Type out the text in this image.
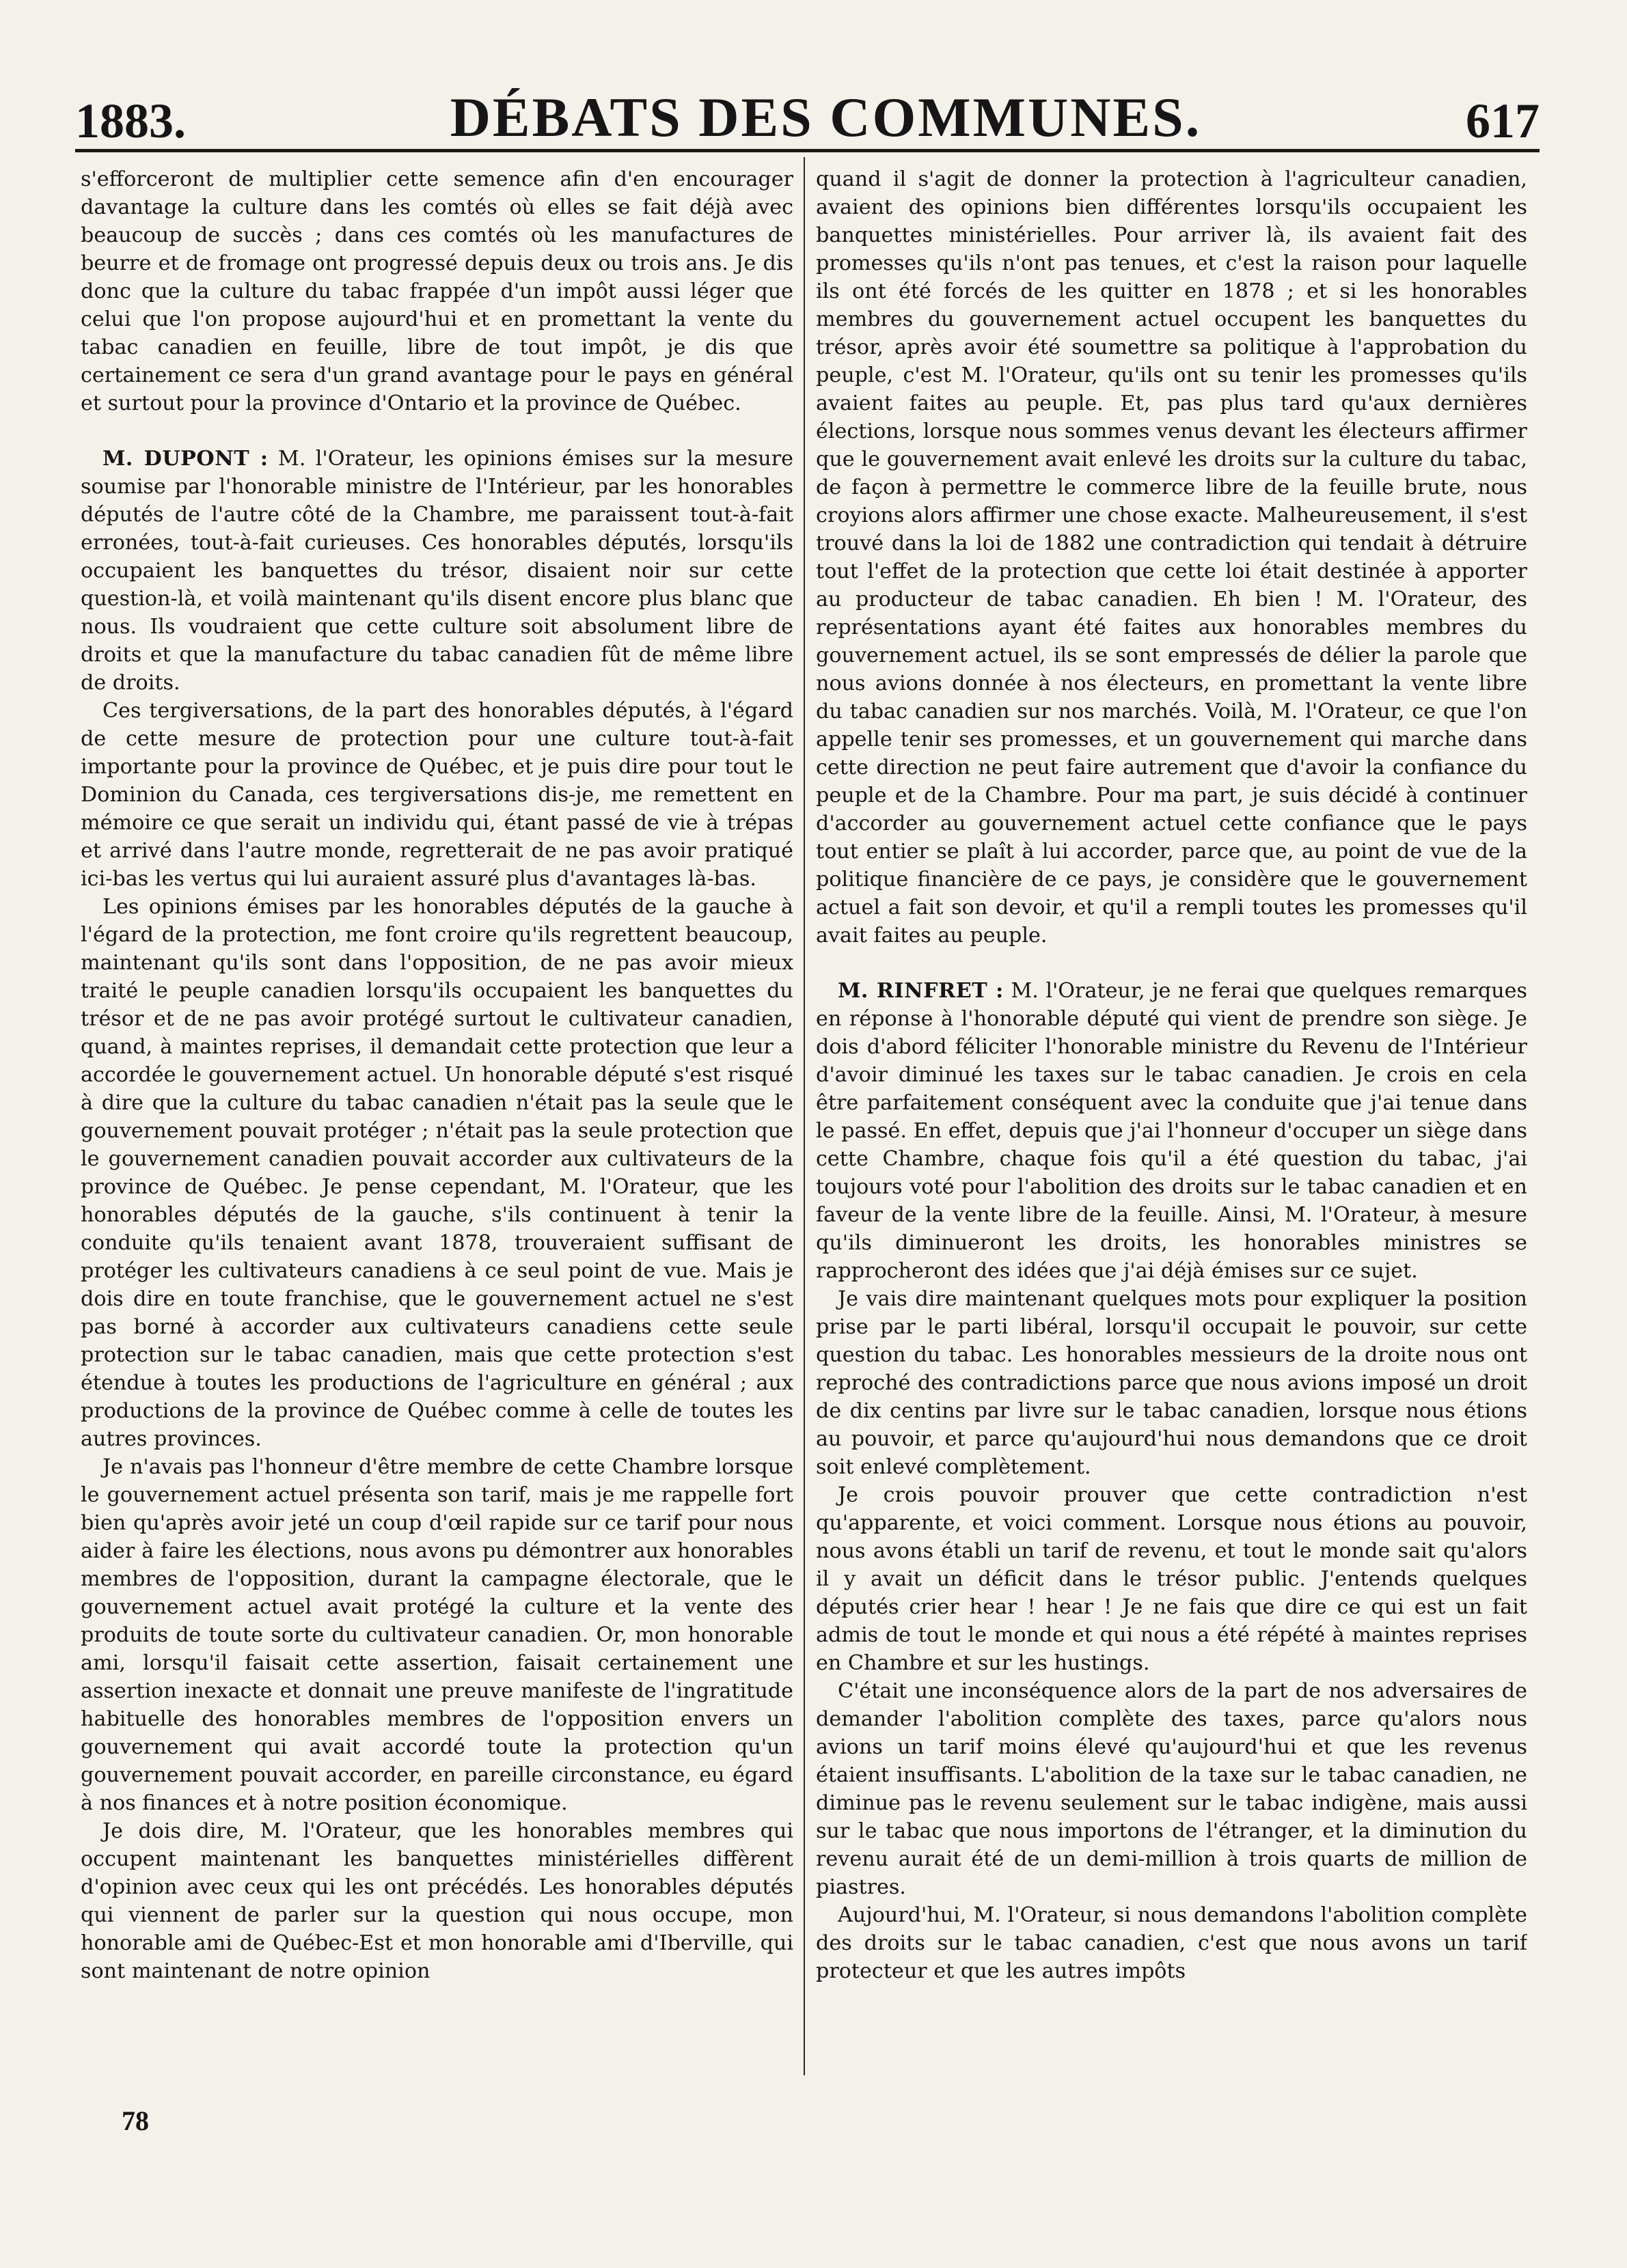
1883.	DÉBATS DES COMMUNES.	617

s'efforceront de multiplier cette semence afin d'en encourager davantage la culture dans les comtés où elles se fait déjà avec beaucoup de succès ; dans ces comtés où les manufactures de beurre et de fromage ont progressé depuis deux ou trois ans. Je dis donc que la culture du tabac frappée d'un impôt aussi léger que celui que l'on propose aujourd'hui et en promettant la vente du tabac canadien en feuille, libre de tout impôt, je dis que certainement ce sera d'un grand avantage pour le pays en général et surtout pour la province d'Ontario et la province de Québec.

M. DUPONT : M. l'Orateur, les opinions émises sur la mesure soumise par l'honorable ministre de l'Intérieur, par les honorables députés de l'autre côté de la Chambre, me paraissent tout-à-fait erronées, tout-à-fait curieuses. Ces honorables députés, lorsqu'ils occupaient les banquettes du trésor, disaient noir sur cette question-là, et voilà maintenant qu'ils disent encore plus blanc que nous. Ils voudraient que cette culture soit absolument libre de droits et que la manufacture du tabac canadien fût de même libre de droits.

Ces tergiversations, de la part des honorables députés, à l'égard de cette mesure de protection pour une culture tout-à-fait importante pour la province de Québec, et je puis dire pour tout le Dominion du Canada, ces tergiversations dis-je, me remettent en mémoire ce que serait un individu qui, étant passé de vie à trépas et arrivé dans l'autre monde, regretterait de ne pas avoir pratiqué ici-bas les vertus qui lui auraient assuré plus d'avantages là-bas.

Les opinions émises par les honorables députés de la gauche à l'égard de la protection, me font croire qu'ils regrettent beaucoup, maintenant qu'ils sont dans l'opposition, de ne pas avoir mieux traité le peuple canadien lorsqu'ils occupaient les banquettes du trésor et de ne pas avoir protégé surtout le cultivateur canadien, quand, à maintes reprises, il demandait cette protection que leur a accordée le gouvernement actuel. Un honorable député s'est risqué à dire que la culture du tabac canadien n'était pas la seule que le gouvernement pouvait protéger ; n'était pas la seule protection que le gouvernement canadien pouvait accorder aux cultivateurs de la province de Québec. Je pense cependant, M. l'Orateur, que les honorables députés de la gauche, s'ils continuent à tenir la conduite qu'ils tenaient avant 1878, trouveraient suffisant de protéger les cultivateurs canadiens à ce seul point de vue. Mais je dois dire en toute franchise, que le gouvernement actuel ne s'est pas borné à accorder aux cultivateurs canadiens cette seule protection sur le tabac canadien, mais que cette protection s'est étendue à toutes les productions de l'agriculture en général ; aux productions de la province de Québec comme à celle de toutes les autres provinces.

Je n'avais pas l'honneur d'être membre de cette Chambre lorsque le gouvernement actuel présenta son tarif, mais je me rappelle fort bien qu'après avoir jeté un coup d'œil rapide sur ce tarif pour nous aider à faire les élections, nous avons pu démontrer aux honorables membres de l'opposition, durant la campagne électorale, que le gouvernement actuel avait protégé la culture et la vente des produits de toute sorte du cultivateur canadien. Or, mon honorable ami, lorsqu'il faisait cette assertion, faisait certainement une assertion inexacte et donnait une preuve manifeste de l'ingratitude habituelle des honorables membres de l'opposition envers un gouvernement qui avait accordé toute la protection qu'un gouvernement pouvait accorder, en pareille circonstance, eu égard à nos finances et à notre position économique.

Je dois dire, M. l'Orateur, que les honorables membres qui occupent maintenant les banquettes ministérielles diffèrent d'opinion avec ceux qui les ont précédés. Les honorables députés qui viennent de parler sur la question qui nous occupe, mon honorable ami de Québec-Est et mon honorable ami d'Iberville, qui sont maintenant de notre opinion

quand il s'agit de donner la protection à l'agriculteur canadien, avaient des opinions bien différentes lorsqu'ils occupaient les banquettes ministérielles. Pour arriver là, ils avaient fait des promesses qu'ils n'ont pas tenues, et c'est la raison pour laquelle ils ont été forcés de les quitter en 1878 ; et si les honorables membres du gouvernement actuel occupent les banquettes du trésor, après avoir été soumettre sa politique à l'approbation du peuple, c'est M. l'Orateur, qu'ils ont su tenir les promesses qu'ils avaient faites au peuple. Et, pas plus tard qu'aux dernières élections, lorsque nous sommes venus devant les électeurs affirmer que le gouvernement avait enlevé les droits sur la culture du tabac, de façon à permettre le commerce libre de la feuille brute, nous croyions alors affirmer une chose exacte. Malheureusement, il s'est trouvé dans la loi de 1882 une contradiction qui tendait à détruire tout l'effet de la protection que cette loi était destinée à apporter au producteur de tabac canadien. Eh bien ! M. l'Orateur, des représentations ayant été faites aux honorables membres du gouvernement actuel, ils se sont empressés de délier la parole que nous avions donnée à nos électeurs, en promettant la vente libre du tabac canadien sur nos marchés. Voilà, M. l'Orateur, ce que l'on appelle tenir ses promesses, et un gouvernement qui marche dans cette direction ne peut faire autrement que d'avoir la confiance du peuple et de la Chambre. Pour ma part, je suis décidé à continuer d'accorder au gouvernement actuel cette confiance que le pays tout entier se plaît à lui accorder, parce que, au point de vue de la politique financière de ce pays, je considère que le gouvernement actuel a fait son devoir, et qu'il a rempli toutes les promesses qu'il avait faites au peuple.

M. RINFRET : M. l'Orateur, je ne ferai que quelques remarques en réponse à l'honorable député qui vient de prendre son siège. Je dois d'abord féliciter l'honorable ministre du Revenu de l'Intérieur d'avoir diminué les taxes sur le tabac canadien. Je crois en cela être parfaitement conséquent avec la conduite que j'ai tenue dans le passé. En effet, depuis que j'ai l'honneur d'occuper un siège dans cette Chambre, chaque fois qu'il a été question du tabac, j'ai toujours voté pour l'abolition des droits sur le tabac canadien et en faveur de la vente libre de la feuille. Ainsi, M. l'Orateur, à mesure qu'ils diminueront les droits, les honorables ministres se rapprocheront des idées que j'ai déjà émises sur ce sujet.

Je vais dire maintenant quelques mots pour expliquer la position prise par le parti libéral, lorsqu'il occupait le pouvoir, sur cette question du tabac. Les honorables messieurs de la droite nous ont reproché des contradictions parce que nous avions imposé un droit de dix centins par livre sur le tabac canadien, lorsque nous étions au pouvoir, et parce qu'aujourd'hui nous demandons que ce droit soit enlevé complètement.

Je crois pouvoir prouver que cette contradiction n'est qu'apparente, et voici comment. Lorsque nous étions au pouvoir, nous avons établi un tarif de revenu, et tout le monde sait qu'alors il y avait un déficit dans le trésor public. J'entends quelques députés crier hear ! hear ! Je ne fais que dire ce qui est un fait admis de tout le monde et qui nous a été répété à maintes reprises en Chambre et sur les hustings.

C'était une inconséquence alors de la part de nos adversaires de demander l'abolition complète des taxes, parce qu'alors nous avions un tarif moins élevé qu'aujourd'hui et que les revenus étaient insuffisants. L'abolition de la taxe sur le tabac canadien, ne diminue pas le revenu seulement sur le tabac indigène, mais aussi sur le tabac que nous importons de l'étranger, et la diminution du revenu aurait été de un demi-million à trois quarts de million de piastres.

Aujourd'hui, M. l'Orateur, si nous demandons l'abolition complète des droits sur le tabac canadien, c'est que nous avons un tarif protecteur et que les autres impôts

78
